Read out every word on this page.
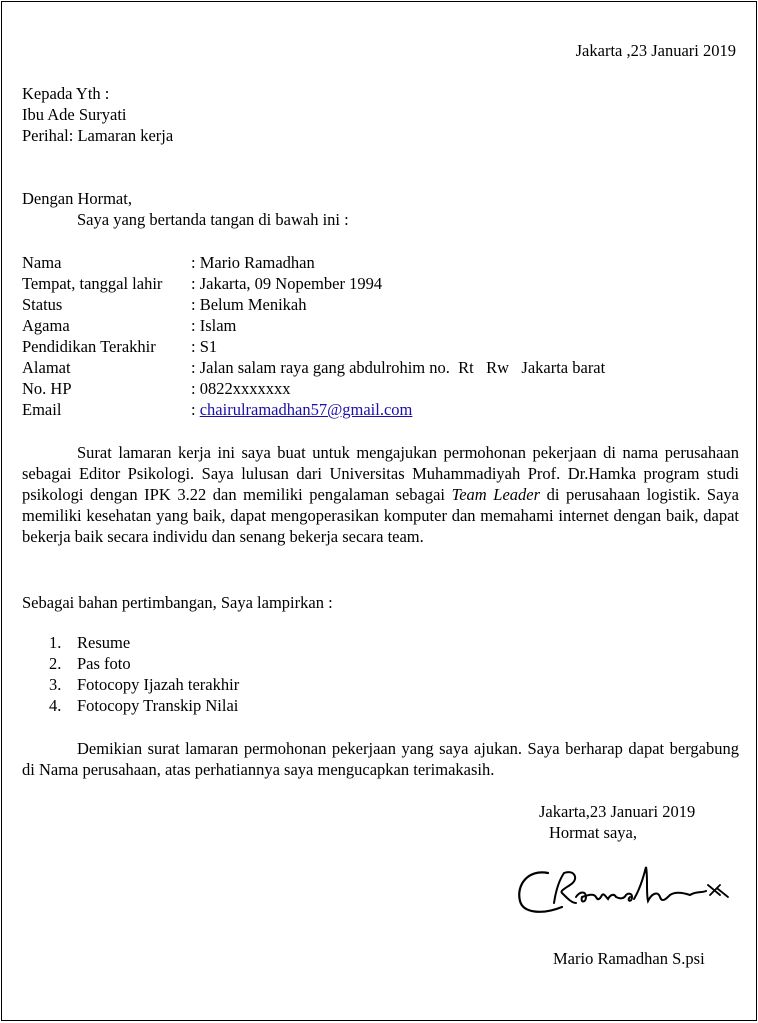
Jakarta ,23 Januari 2019
Kepada Yth :
Ibu Ade Suryati
Perihal: Lamaran kerja
Dengan Hormat,
Saya yang bertanda tangan di bawah ini :
Nama	: Mario Ramadhan
Tempat, tanggal lahir	: Jakarta, 09 Nopember 1994
Status	: Belum Menikah
Agama	: Islam
Pendidikan Terakhir	: S1
Alamat	: Jalan salam raya gang abdulrohim no.  Rt   Rw   Jakarta barat
No. HP	: 0822xxxxxxx
Email	: chairulramadhan57@gmail.com
Surat lamaran kerja ini saya buat untuk mengajukan permohonan pekerjaan di nama perusahaan sebagai Editor Psikologi. Saya lulusan dari Universitas Muhammadiyah Prof. Dr.Hamka program studi psikologi dengan IPK 3.22 dan memiliki pengalaman sebagai Team Leader di perusahaan logistik. Saya memiliki kesehatan yang baik, dapat mengoperasikan komputer dan memahami internet dengan baik, dapat bekerja baik secara individu dan senang bekerja secara team.
Sebagai bahan pertimbangan, Saya lampirkan :
1. Resume
2. Pas foto
3. Fotocopy Ijazah terakhir
4. Fotocopy Transkip Nilai
Demikian surat lamaran permohonan pekerjaan yang saya ajukan. Saya berharap dapat bergabung di Nama perusahaan, atas perhatiannya saya mengucapkan terimakasih.
Jakarta,23 Januari 2019
Hormat saya,
Mario Ramadhan S.psi
